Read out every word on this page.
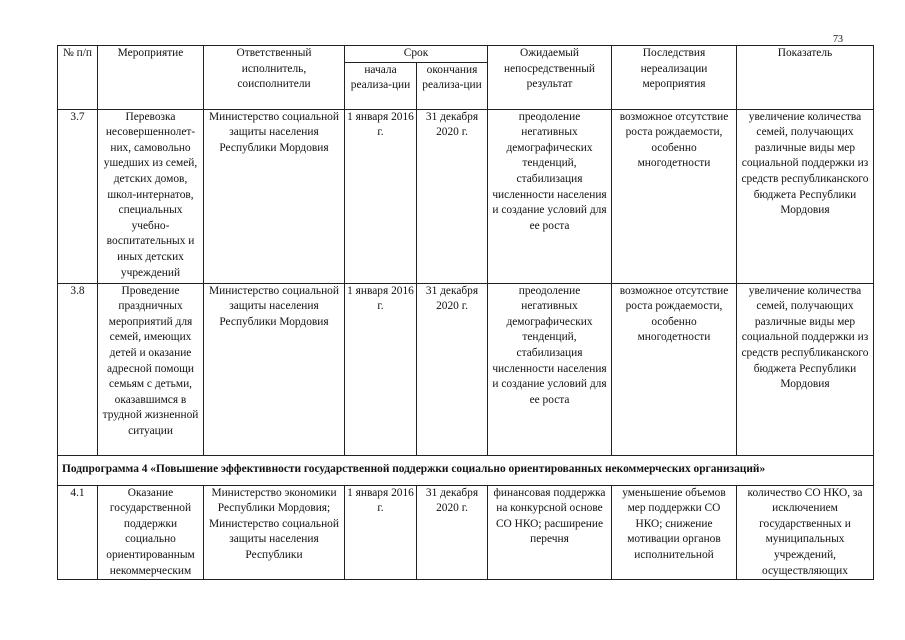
73
№ п/п	Мероприятие	Ответственный исполнитель, соисполнители	Срок		Ожидаемый непосредственный результат	Последствия нереализации мероприятия	Показатель
			начала реализа-ции	окончания реализа-ции			
3.7	Перевозка несовершеннолет-них, самовольно ушедших из семей, детских домов, школ-интернатов, специальных учебно-воспитательных и иных детских учреждений	Министерство социальной защиты населения Республики Мордовия	1 января 2016 г.	31 декабря 2020 г.	преодоление негативных демографических тенденций, стабилизация численности населения и создание условий для ее роста	возможное отсутствие роста рождаемости, особенно многодетности	увеличение количества семей, получающих различные виды мер социальной поддержки из средств республиканского бюджета Республики Мордовия
3.8	Проведение праздничных мероприятий для семей, имеющих детей и оказание адресной помощи семьям с детьми, оказавшимся в трудной жизненной ситуации	Министерство социальной защиты населения Республики Мордовия	1 января 2016 г.	31 декабря 2020 г.	преодоление негативных демографических тенденций, стабилизация численности населения и создание условий для ее роста	возможное отсутствие роста рождаемости, особенно многодетности	увеличение количества семей, получающих различные виды мер социальной поддержки из средств республиканского бюджета Республики Мордовия
Подпрограмма 4 «Повышение эффективности государственной поддержки социально ориентированных некоммерческих организаций»							
4.1	Оказание государственной поддержки социально ориентированным некоммерческим	Министерство экономики Республики Мордовия; Министерство социальной защиты населения Республики	1 января 2016 г.	31 декабря 2020 г.	финансовая поддержка на конкурсной основе СО НКО; расширение перечня	уменьшение объемов мер поддержки СО НКО; снижение мотивации органов исполнительной	количество СО НКО, за исключением государственных и муниципальных учреждений, осуществляющих
